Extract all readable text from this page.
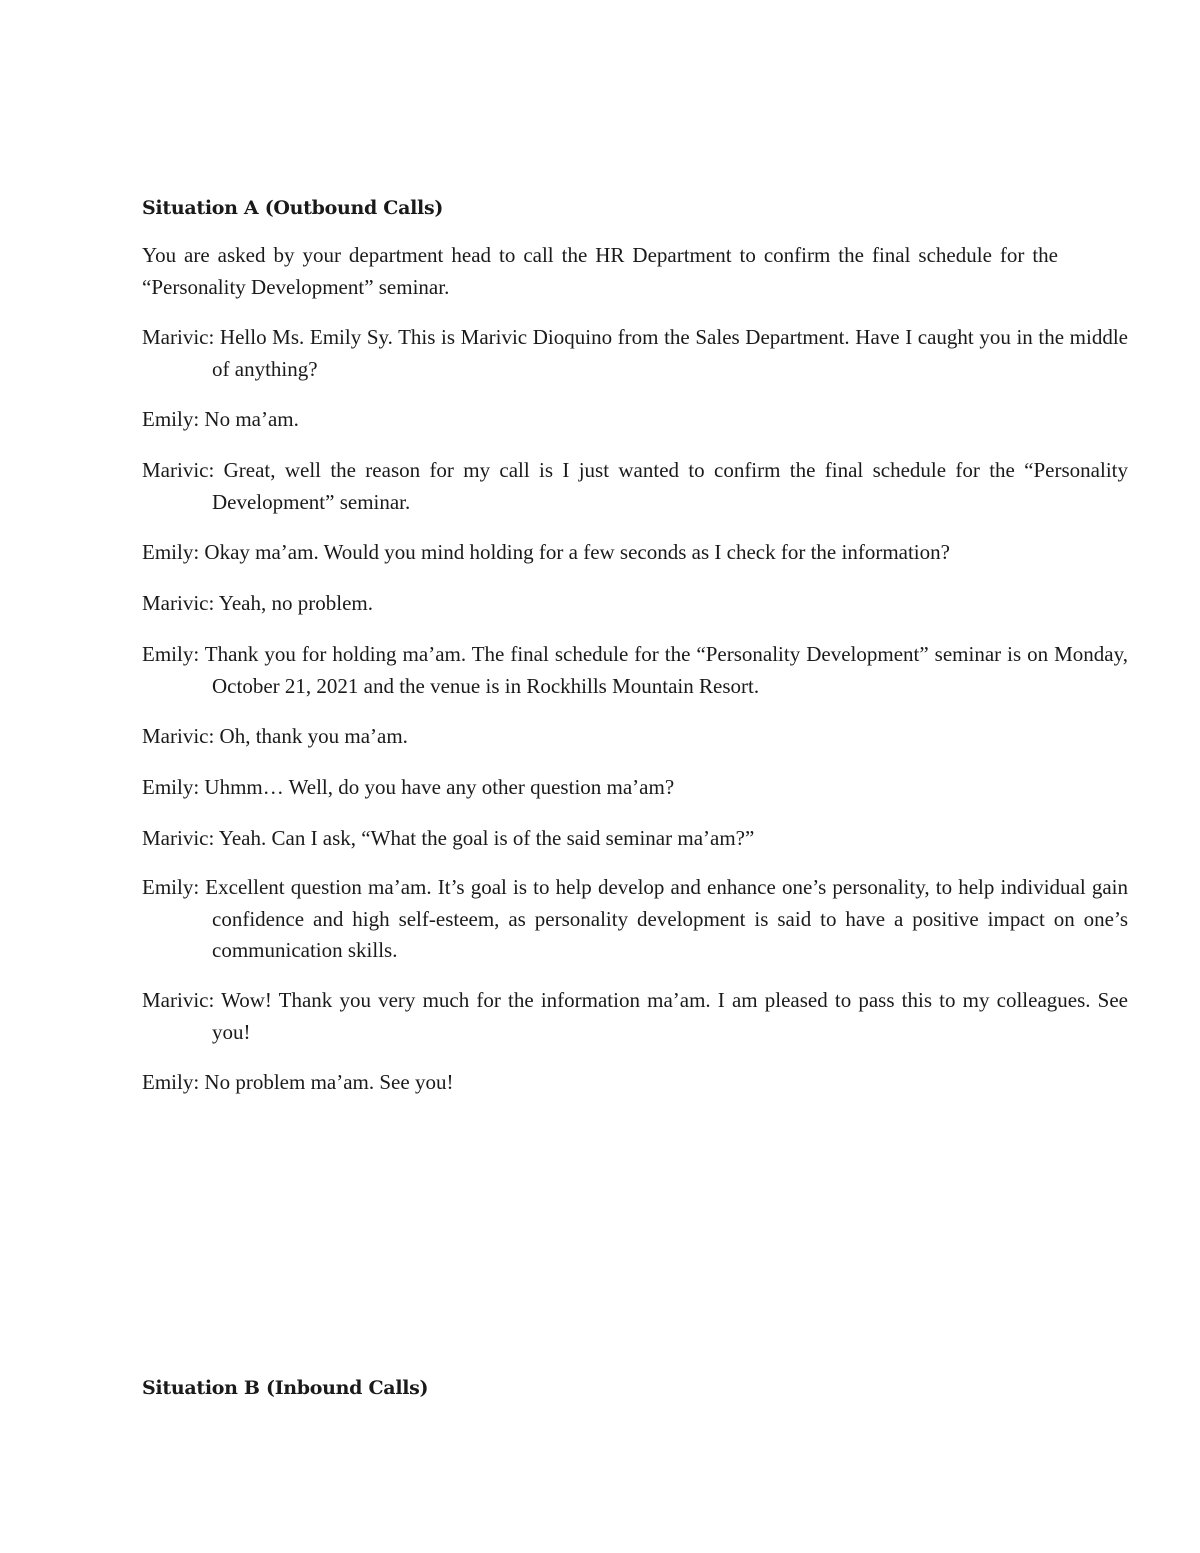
Situation A (Outbound Calls)

You are asked by your department head to call the HR Department to confirm the final schedule for the “Personality Development” seminar.

Marivic: Hello Ms. Emily Sy. This is Marivic Dioquino from the Sales Department. Have I caught you in the middle of anything?

Emily: No ma’am.

Marivic: Great, well the reason for my call is I just wanted to confirm the final schedule for the “Personality Development” seminar.

Emily: Okay ma’am. Would you mind holding for a few seconds as I check for the information?

Marivic: Yeah, no problem.

Emily: Thank you for holding ma’am. The final schedule for the “Personality Development” seminar is on Monday, October 21, 2021 and the venue is in Rockhills Mountain Resort.

Marivic: Oh, thank you ma’am.

Emily: Uhmm… Well, do you have any other question ma’am?

Marivic: Yeah. Can I ask, “What the goal is of the said seminar ma’am?”

Emily: Excellent question ma’am. It’s goal is to help develop and enhance one’s personality, to help individual gain confidence and high self-esteem, as personality development is said to have a positive impact on one’s communication skills.

Marivic: Wow! Thank you very much for the information ma’am. I am pleased to pass this to my colleagues. See you!

Emily: No problem ma’am. See you!

Situation B (Inbound Calls)
